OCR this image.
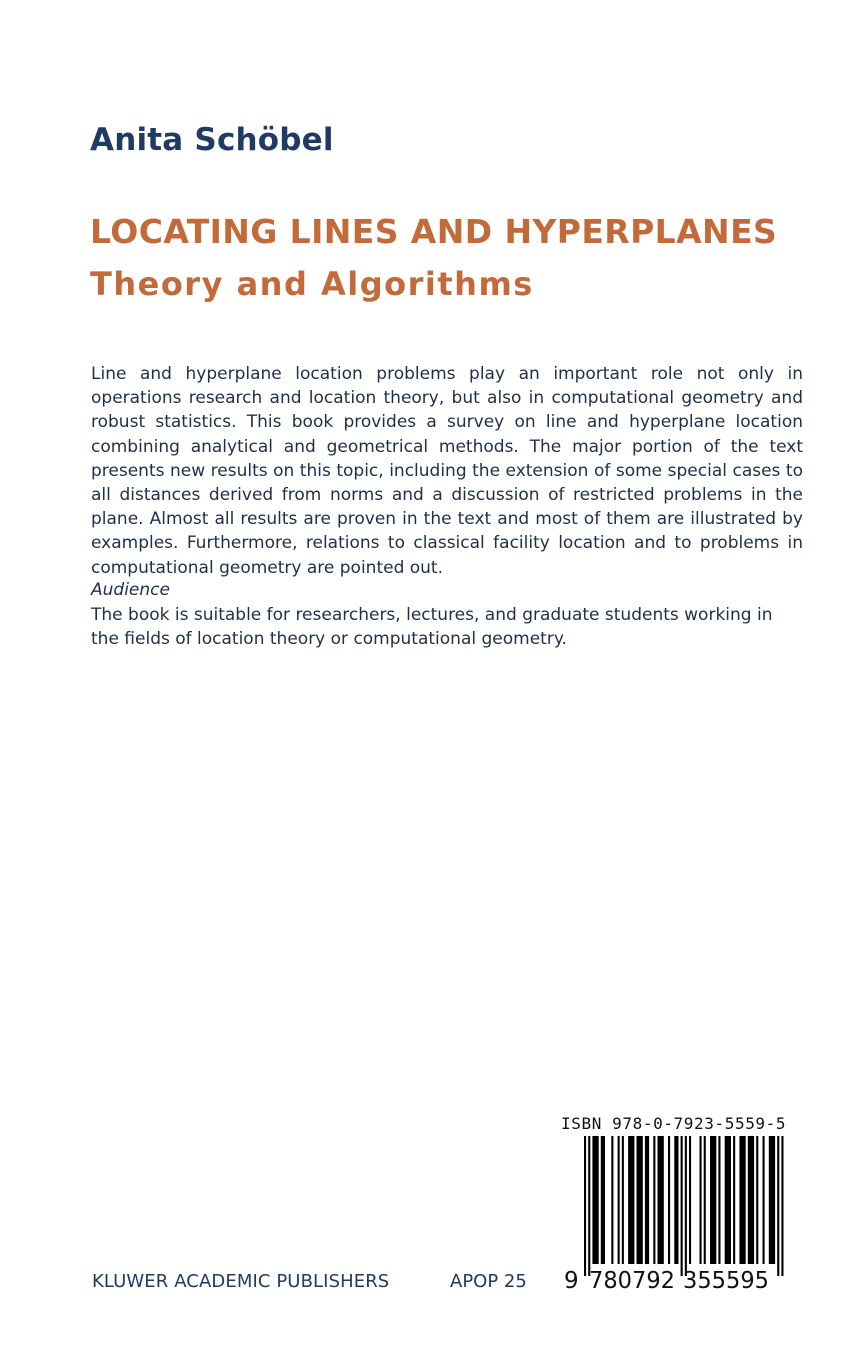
Anita Schöbel
LOCATING LINES AND HYPERPLANES
Theory and Algorithms

Line and hyperplane location problems play an important role not only in operations research and location theory, but also in computational geometry and robust statistics. This book provides a survey on line and hyperplane location combining analytical and geometrical methods. The major portion of the text presents new results on this topic, including the extension of some special cases to all distances derived from norms and a discussion of restricted problems in the plane. Almost all results are proven in the text and most of them are illustrated by examples. Furthermore, relations to classical facility location and to problems in computational geometry are pointed out.

Audience

The book is suitable for researchers, lectures, and graduate students working in the fields of location theory or computational geometry.

ISBN 978-0-7923-5559-5
9 780792 355595
KLUWER ACADEMIC PUBLISHERS	APOP 25
